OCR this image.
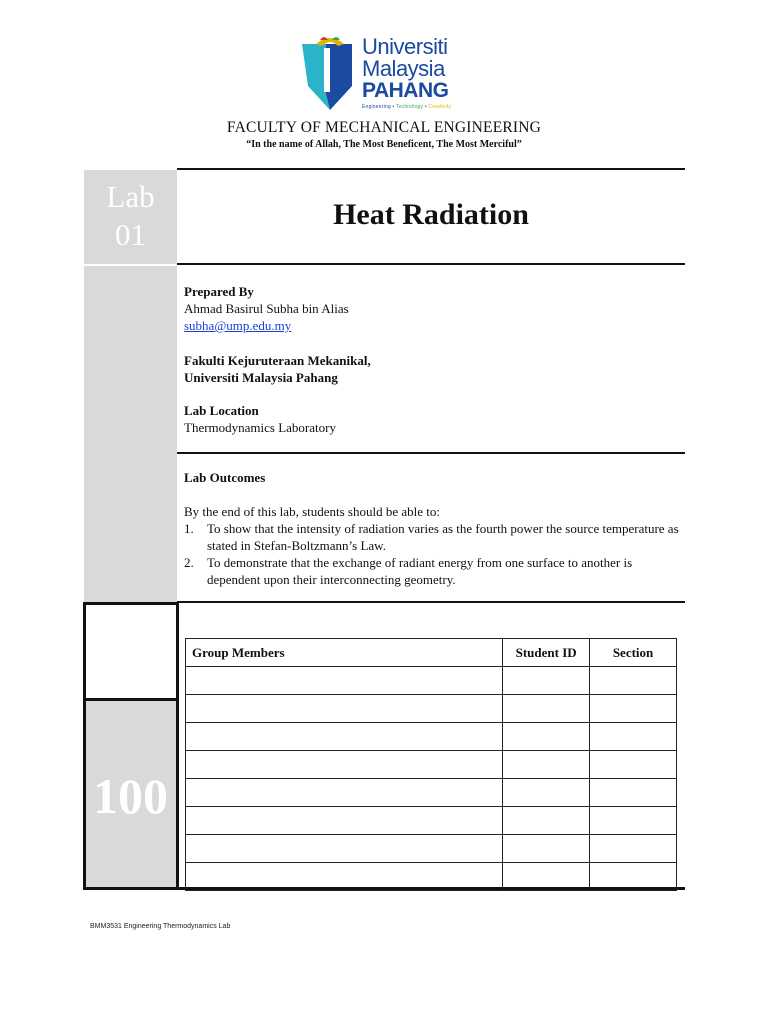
Universiti
Malaysia
PAHANG
Engineering • Technology • Creativity
FACULTY OF MECHANICAL ENGINEERING
“In the name of Allah, The Most Beneficent, The Most Merciful”
Lab
01
100
Heat Radiation
Prepared By
Ahmad Basirul Subha bin Alias
subha@ump.edu.my
Fakulti Kejuruteraan Mekanikal,
Universiti Malaysia Pahang
Lab Location
Thermodynamics Laboratory
Lab Outcomes
By the end of this lab, students should be able to:
1. To show that the intensity of radiation varies as the fourth power the source temperature as stated in Stefan-Boltzmann’s Law.
2. To demonstrate that the exchange of radiant energy from one surface to another is dependent upon their interconnecting geometry.
Group Members	Student ID	Section

BMM3531 Engineering Thermodynamics Lab
